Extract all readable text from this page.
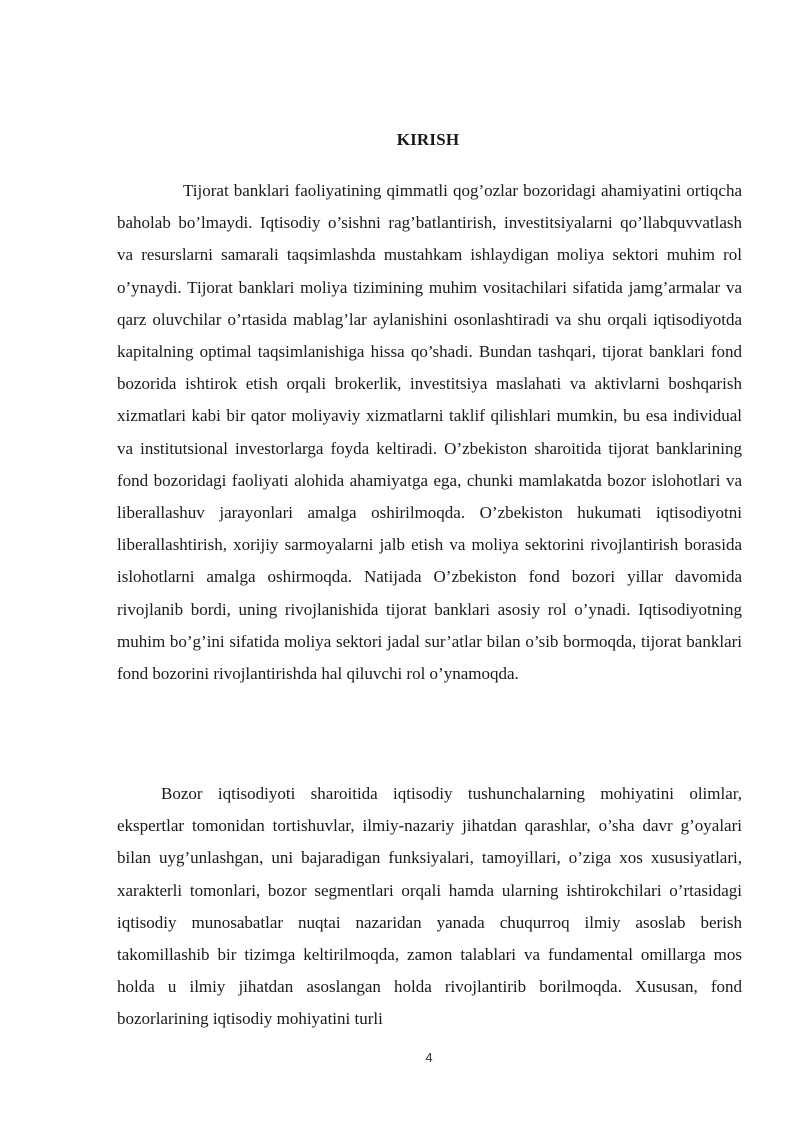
KIRISH

Tijorat banklari faoliyatining qimmatli qog’ozlar bozoridagi ahamiyatini ortiqcha baholab bo’lmaydi. Iqtisodiy o’sishni rag’batlantirish, investitsiyalarni qo’llabquvvatlash va resurslarni samarali taqsimlashda mustahkam ishlaydigan moliya sektori muhim rol o’ynaydi. Tijorat banklari moliya tizimining muhim vositachilari sifatida jamg’armalar va qarz oluvchilar o’rtasida mablag’lar aylanishini osonlashtiradi va shu orqali iqtisodiyotda kapitalning optimal taqsimlanishiga hissa qo’shadi. Bundan tashqari, tijorat banklari fond bozorida ishtirok etish orqali brokerlik, investitsiya maslahati va aktivlarni boshqarish xizmatlari kabi bir qator moliyaviy xizmatlarni taklif qilishlari mumkin, bu esa individual va institutsional investorlarga foyda keltiradi. O’zbekiston sharoitida tijorat banklarining fond bozoridagi faoliyati alohida ahamiyatga ega, chunki mamlakatda bozor islohotlari va liberallashuv jarayonlari amalga oshirilmoqda. O’zbekiston hukumati iqtisodiyotni liberallashtirish, xorijiy sarmoyalarni jalb etish va moliya sektorini rivojlantirish borasida islohotlarni amalga oshirmoqda. Natijada O’zbekiston fond bozori yillar davomida rivojlanib bordi, uning rivojlanishida tijorat banklari asosiy rol o’ynadi. Iqtisodiyotning muhim bo’g’ini sifatida moliya sektori jadal sur’atlar bilan o’sib bormoqda, tijorat banklari fond bozorini rivojlantirishda hal qiluvchi rol o’ynamoqda.

Bozor iqtisodiyoti sharoitida iqtisodiy tushunchalarning mohiyatini olimlar, ekspertlar tomonidan tortishuvlar, ilmiy-nazariy jihatdan qarashlar, o’sha davr g’oyalari bilan uyg’unlashgan, uni bajaradigan funksiyalari, tamoyillari, o’ziga xos xususiyatlari, xarakterli tomonlari, bozor segmentlari orqali hamda ularning ishtirokchilari o’rtasidagi iqtisodiy munosabatlar nuqtai nazaridan yanada chuqurroq ilmiy asoslab berish takomillashib bir tizimga keltirilmoqda, zamon talablari va fundamental omillarga mos holda u ilmiy jihatdan asoslangan holda rivojlantirib borilmoqda. Xususan, fond bozorlarining iqtisodiy mohiyatini turli

4
